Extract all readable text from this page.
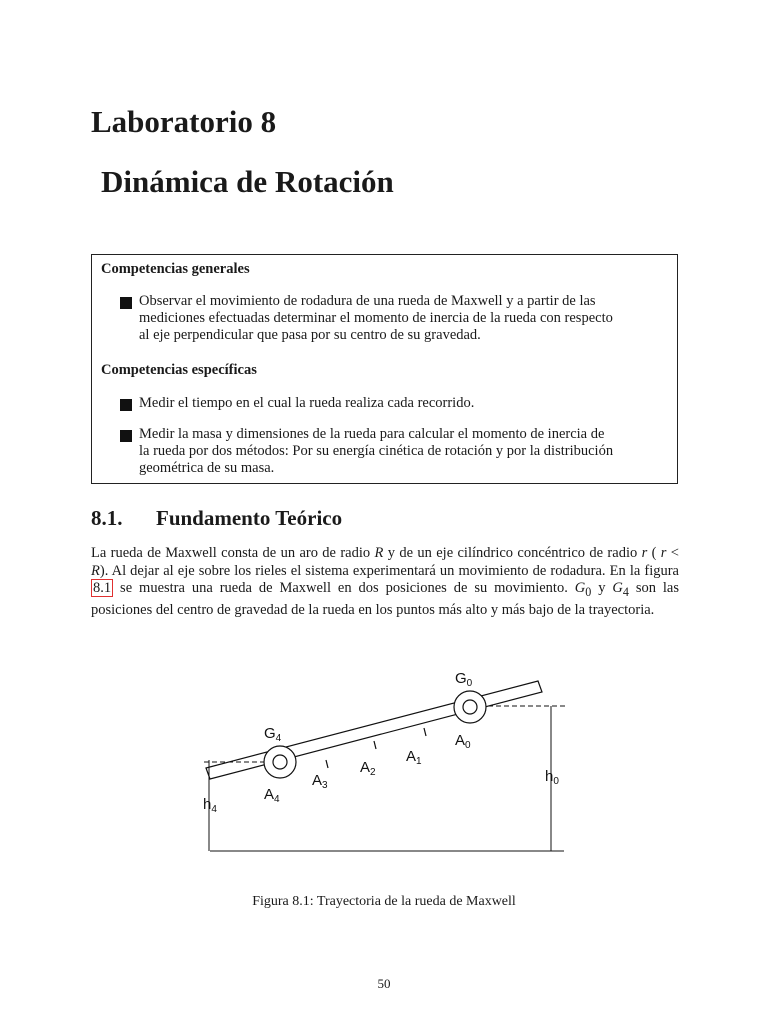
Laboratorio 8
Dinámica de Rotación
Competencias generales
Observar el movimiento de rodadura de una rueda de Maxwell y a partir de las
mediciones efectuadas determinar el momento de inercia de la rueda con respecto
al eje perpendicular que pasa por su centro de su gravedad.
Competencias específicas
Medir el tiempo en el cual la rueda realiza cada recorrido.
Medir la masa y dimensiones de la rueda para calcular el momento de inercia de
la rueda por dos métodos: Por su energía cinética de rotación y por la distribución
geométrica de su masa.
8.1. Fundamento Teórico
La rueda de Maxwell consta de un aro de radio R y de un eje cilíndrico concéntrico de radio r ( r < R). Al dejar al eje sobre los rieles el sistema experimentará un movimiento de rodadura. En la figura 8.1 se muestra una rueda de Maxwell en dos posiciones de su movimiento. $G_0$ y $G_4$ son las posiciones del centro de gravedad de la rueda en los puntos más alto y más bajo de la trayectoria.
$G_0$
$G_4$	$A_0$
$A_1$
$A_2$
$A_3$
$A_4$
$h_0$
$h_4$
Figura 8.1: Trayectoria de la rueda de Maxwell
50
